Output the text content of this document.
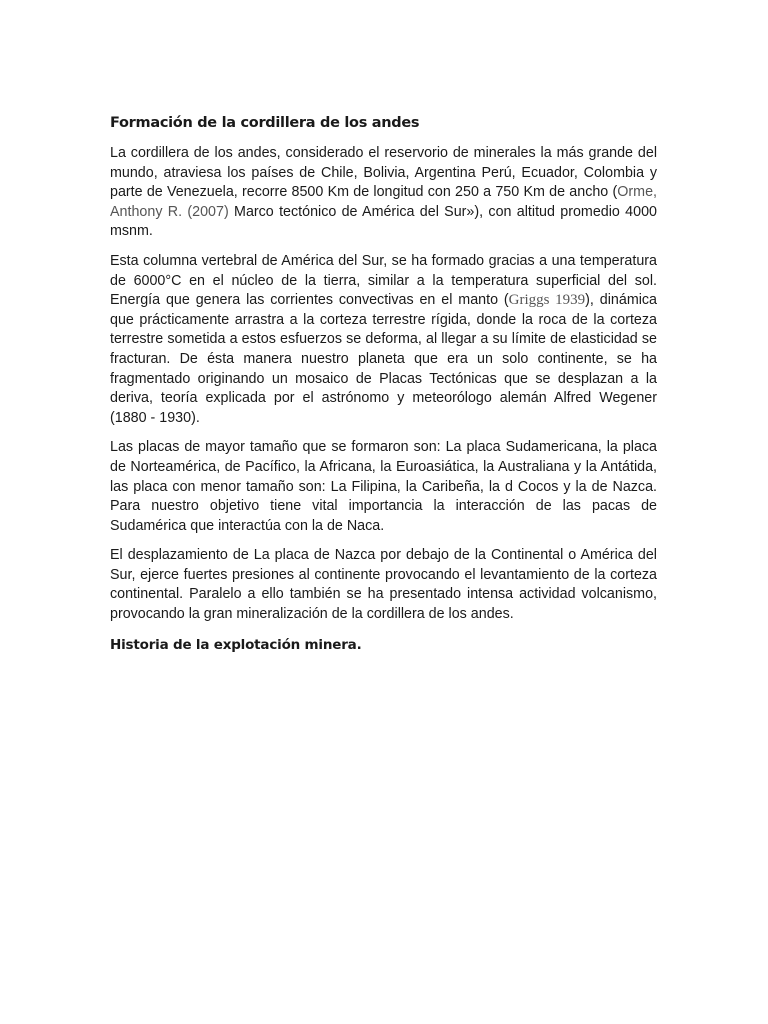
Formación de la cordillera de los andes

La cordillera de los andes, considerado el reservorio de minerales la más grande del mundo, atraviesa los países de Chile, Bolivia, Argentina Perú, Ecuador, Colombia y parte de Venezuela, recorre 8500 Km de longitud con 250 a 750 Km de ancho (Orme, Anthony R. (2007) Marco tectónico de América del Sur»), con altitud promedio 4000 msnm.

Esta columna vertebral de América del Sur, se ha formado gracias a una temperatura de 6000°C en el núcleo de la tierra, similar a la temperatura superficial del sol. Energía que genera las corrientes convectivas en el manto (Griggs 1939), dinámica que prácticamente arrastra a la corteza terrestre rígida, donde la roca de la corteza terrestre sometida a estos esfuerzos se deforma, al llegar a su límite de elasticidad se fracturan. De ésta manera nuestro planeta que era un solo continente, se ha fragmentado originando un mosaico de Placas Tectónicas que se desplazan a la deriva, teoría explicada por el astrónomo y meteorólogo alemán Alfred Wegener (1880 - 1930).

Las placas de mayor tamaño que se formaron son: La placa Sudamericana, la placa de Norteamérica, de Pacífico, la Africana, la Euroasiática, la Australiana y la Antátida, las placa con menor tamaño son: La Filipina, la Caribeña, la d Cocos y la de Nazca. Para nuestro objetivo tiene vital importancia la interacción de las pacas de Sudamérica que interactúa con la de Naca.

El desplazamiento de La placa de Nazca por debajo de la Continental o América del Sur, ejerce fuertes presiones al continente provocando el levantamiento de la corteza continental. Paralelo a ello también se ha presentado intensa actividad volcanismo, provocando la gran mineralización de la cordillera de los andes.

Historia de la explotación minera.
